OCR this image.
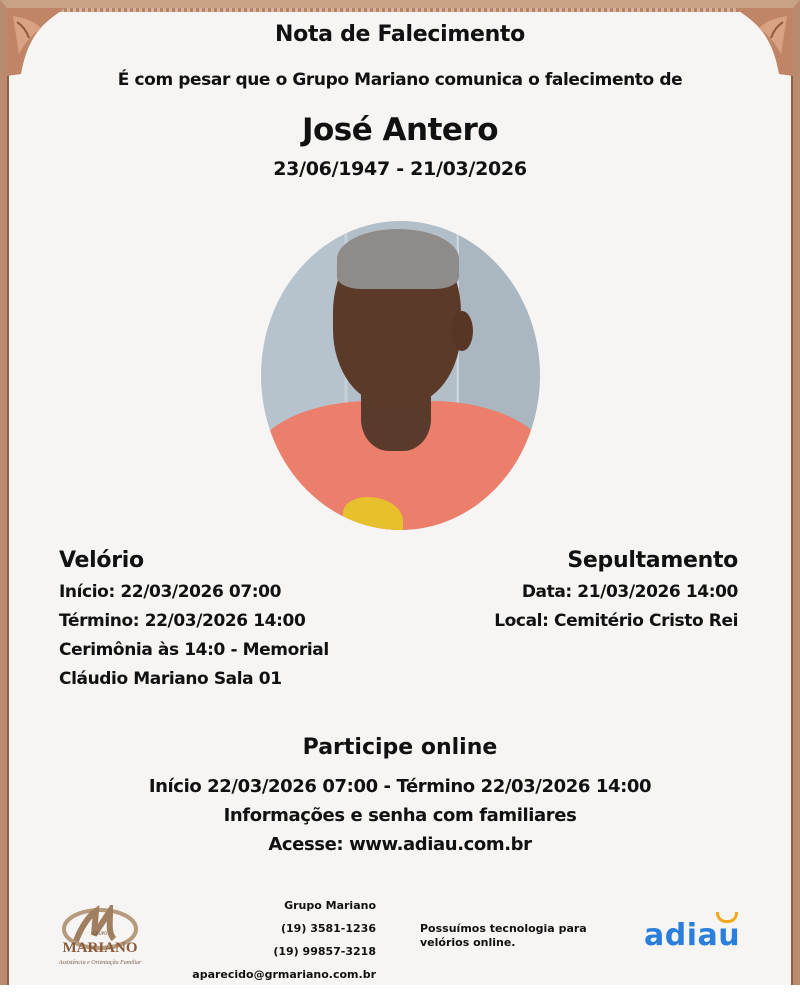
Nota de Falecimento
É com pesar que o Grupo Mariano comunica o falecimento de
José Antero
23/06/1947 - 21/03/2026
Velório
Início: 22/03/2026 07:00
Término: 22/03/2026 14:00
Cerimônia às 14:0 - Memorial
Cláudio Mariano Sala 01
Sepultamento
Data: 21/03/2026 14:00
Local: Cemitério Cristo Rei
Participe online
Início 22/03/2026 07:00 - Término 22/03/2026 14:00
Informações e senha com familiares
Acesse: www.adiau.com.br
GRUPO
MARIANO
Assistência e Orientação Familiar
Grupo Mariano
(19) 3581-1236
(19) 99857-3218
aparecido@grmariano.com.br
Possuímos tecnologia para velórios online.	adiau
